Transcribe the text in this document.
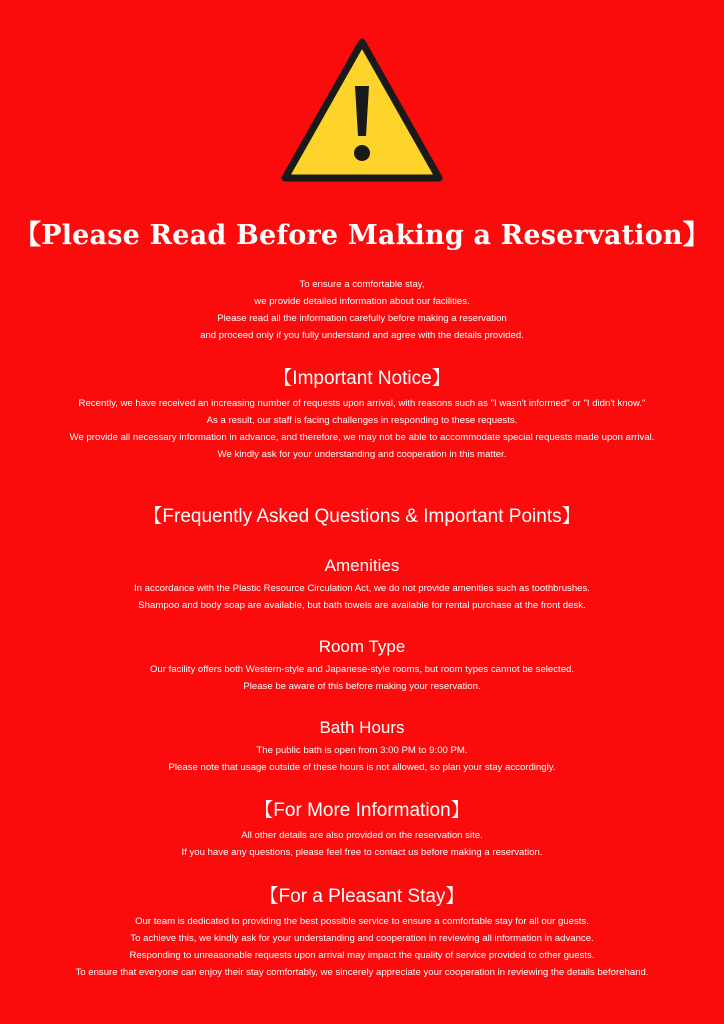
【Please Read Before Making a Reservation】
To ensure a comfortable stay,
we provide detailed information about our facilities.
Please read all the information carefully before making a reservation
and proceed only if you fully understand and agree with the details provided.
【Important Notice】
Recently, we have received an increasing number of requests upon arrival, with reasons such as "I wasn't informed" or "I didn't know."
As a result, our staff is facing challenges in responding to these requests.
We provide all necessary information in advance, and therefore, we may not be able to accommodate special requests made upon arrival.
We kindly ask for your understanding and cooperation in this matter.
【Frequently Asked Questions & Important Points】
Amenities
In accordance with the Plastic Resource Circulation Act, we do not provide amenities such as toothbrushes.
Shampoo and body soap are available, but bath towels are available for rental purchase at the front desk.
Room Type
Our facility offers both Western-style and Japanese-style rooms, but room types cannot be selected.
Please be aware of this before making your reservation.
Bath Hours
The public bath is open from 3:00 PM to 9:00 PM.
Please note that usage outside of these hours is not allowed, so plan your stay accordingly.
【For More Information】
All other details are also provided on the reservation site.
If you have any questions, please feel free to contact us before making a reservation.
【For a Pleasant Stay】
Our team is dedicated to providing the best possible service to ensure a comfortable stay for all our guests.
To achieve this, we kindly ask for your understanding and cooperation in reviewing all information in advance.
Responding to unreasonable requests upon arrival may impact the quality of service provided to other guests.
To ensure that everyone can enjoy their stay comfortably, we sincerely appreciate your cooperation in reviewing the details beforehand.
